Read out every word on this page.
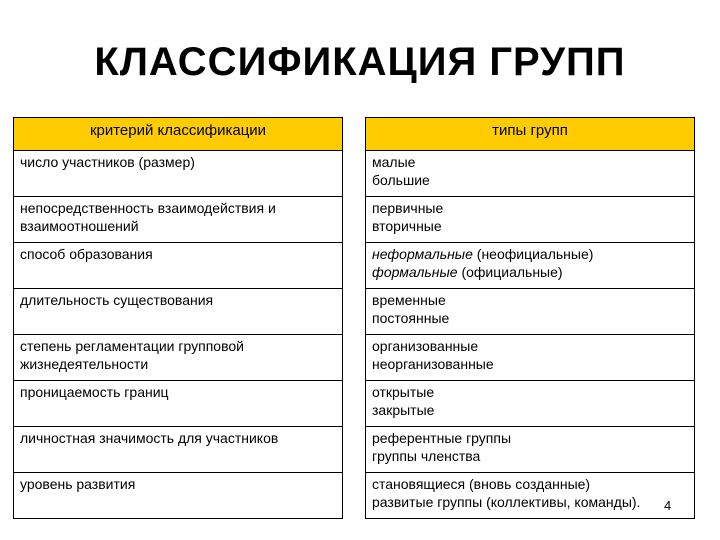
КЛАССИФИКАЦИЯ ГРУПП
критерий классификации		типы групп
число участников (размер)		малые
большие

непосредственность взаимодействия и взаимоотношений		первичные
вторичные

способ образования		неформальные (неофициальные)
формальные (официальные)

длительность существования		временные
постоянные

степень регламентации групповой жизнедеятельности		организованные
неорганизованные

проницаемость границ		открытые
закрытые

личностная значимость для участников		референтные группы
группы членства

уровень развития		становящиеся (вновь созданные)
развитые группы (коллективы, команды).	4
